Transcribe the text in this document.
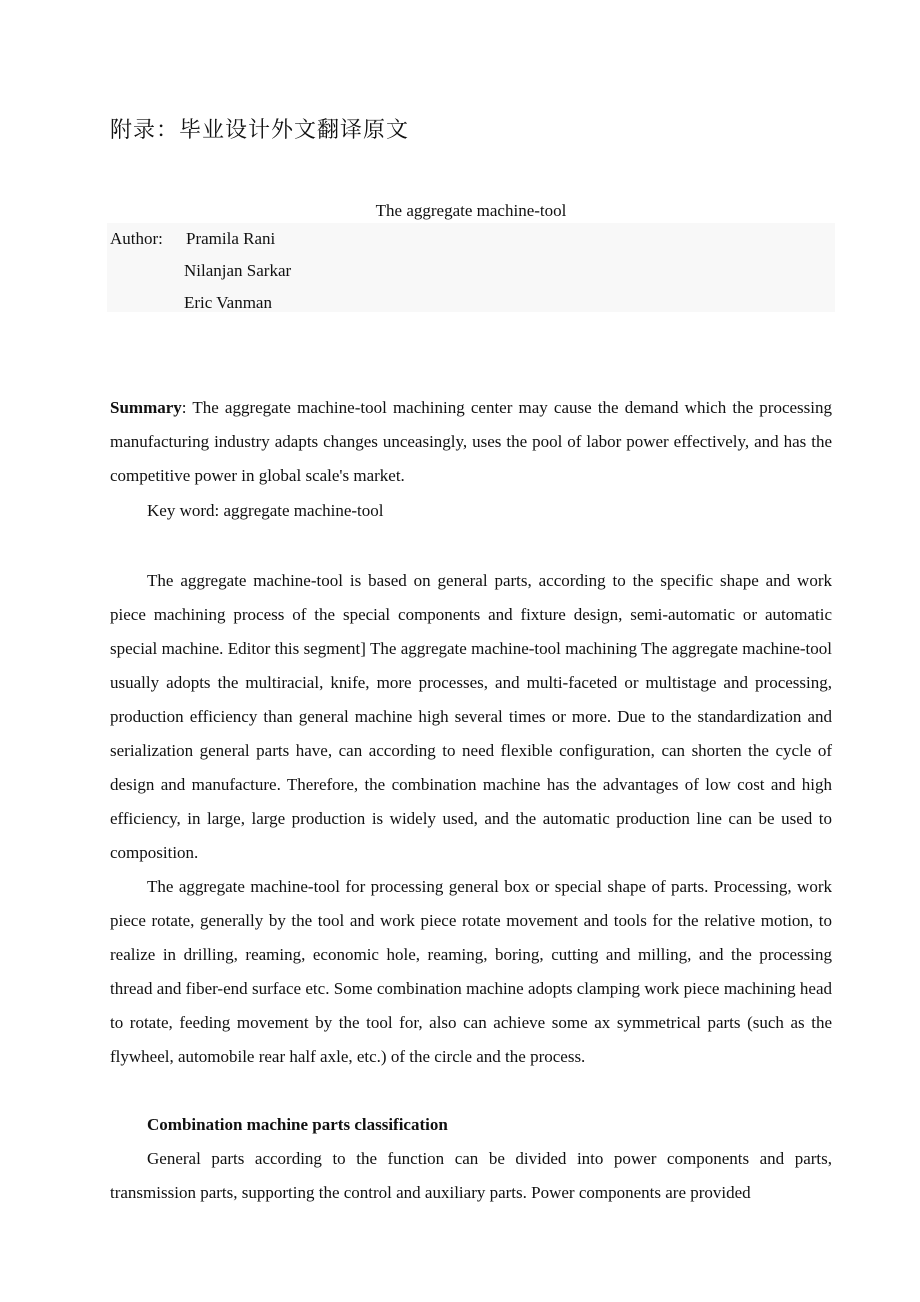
附录：毕业设计外文翻译原文
The aggregate machine-tool
Author: Pramila Rani
Nilanjan Sarkar
Eric Vanman

Summary: The aggregate machine-tool machining center may cause the demand which the processing manufacturing industry adapts changes unceasingly, uses the pool of labor power effectively, and has the competitive power in global scale's market.

Key word: aggregate machine-tool

The aggregate machine-tool is based on general parts, according to the specific shape and work piece machining process of the special components and fixture design, semi-automatic or automatic special machine. Editor this segment] The aggregate machine-tool machining The aggregate machine-tool usually adopts the multiracial, knife, more processes, and multi-faceted or multistage and processing, production efficiency than general machine high several times or more. Due to the standardization and serialization general parts have, can according to need flexible configuration, can shorten the cycle of design and manufacture. Therefore, the combination machine has the advantages of low cost and high efficiency, in large, large production is widely used, and the automatic production line can be used to composition.

The aggregate machine-tool for processing general box or special shape of parts. Processing, work piece rotate, generally by the tool and work piece rotate movement and tools for the relative motion, to realize in drilling, reaming, economic hole, reaming, boring, cutting and milling, and the processing thread and fiber-end surface etc. Some combination machine adopts clamping work piece machining head to rotate, feeding movement by the tool for, also can achieve some ax symmetrical parts (such as the flywheel, automobile rear half axle, etc.) of the circle and the process.

Combination machine parts classification

General parts according to the function can be divided into power components and parts, transmission parts, supporting the control and auxiliary parts. Power components are provided
